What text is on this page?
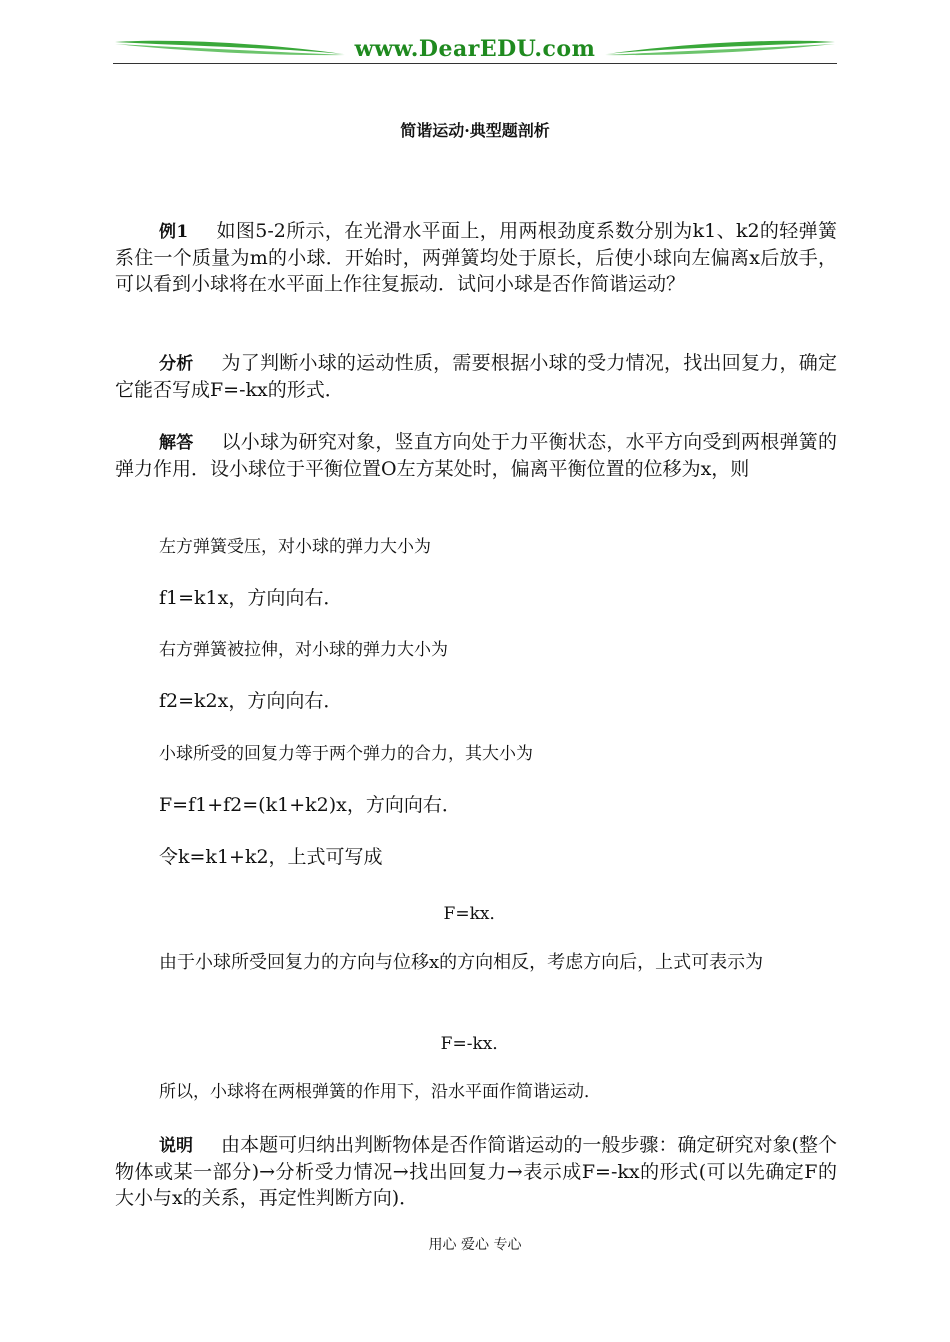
www.DearEDU.com
简谐运动·典型题剖析
例1 如图5-2所示，在光滑水平面上，用两根劲度系数分别为k1、k2的轻弹簧系住一个质量为m的小球．开始时，两弹簧均处于原长，后使小球向左偏离x后放手，可以看到小球将在水平面上作往复振动．试问小球是否作简谐运动？
分析 为了判断小球的运动性质，需要根据小球的受力情况，找出回复力，确定它能否写成F=-kx的形式．
解答 以小球为研究对象，竖直方向处于力平衡状态，水平方向受到两根弹簧的弹力作用．设小球位于平衡位置O左方某处时，偏离平衡位置的位移为x，则
左方弹簧受压，对小球的弹力大小为
f1=k1x，方向向右．
右方弹簧被拉伸，对小球的弹力大小为
f2=k2x，方向向右．
小球所受的回复力等于两个弹力的合力，其大小为
F=f1+f2=(k1+k2)x，方向向右．
令k=k1+k2，上式可写成
F=kx．
由于小球所受回复力的方向与位移x的方向相反，考虑方向后，上式可表示为
F=-kx．
所以，小球将在两根弹簧的作用下，沿水平面作简谐运动．
说明 由本题可归纳出判断物体是否作简谐运动的一般步骤：确定研究对象(整个物体或某一部分)→分析受力情况→找出回复力→表示成F=-kx的形式(可以先确定F的大小与x的关系，再定性判断方向)．
用心 爱心 专心
